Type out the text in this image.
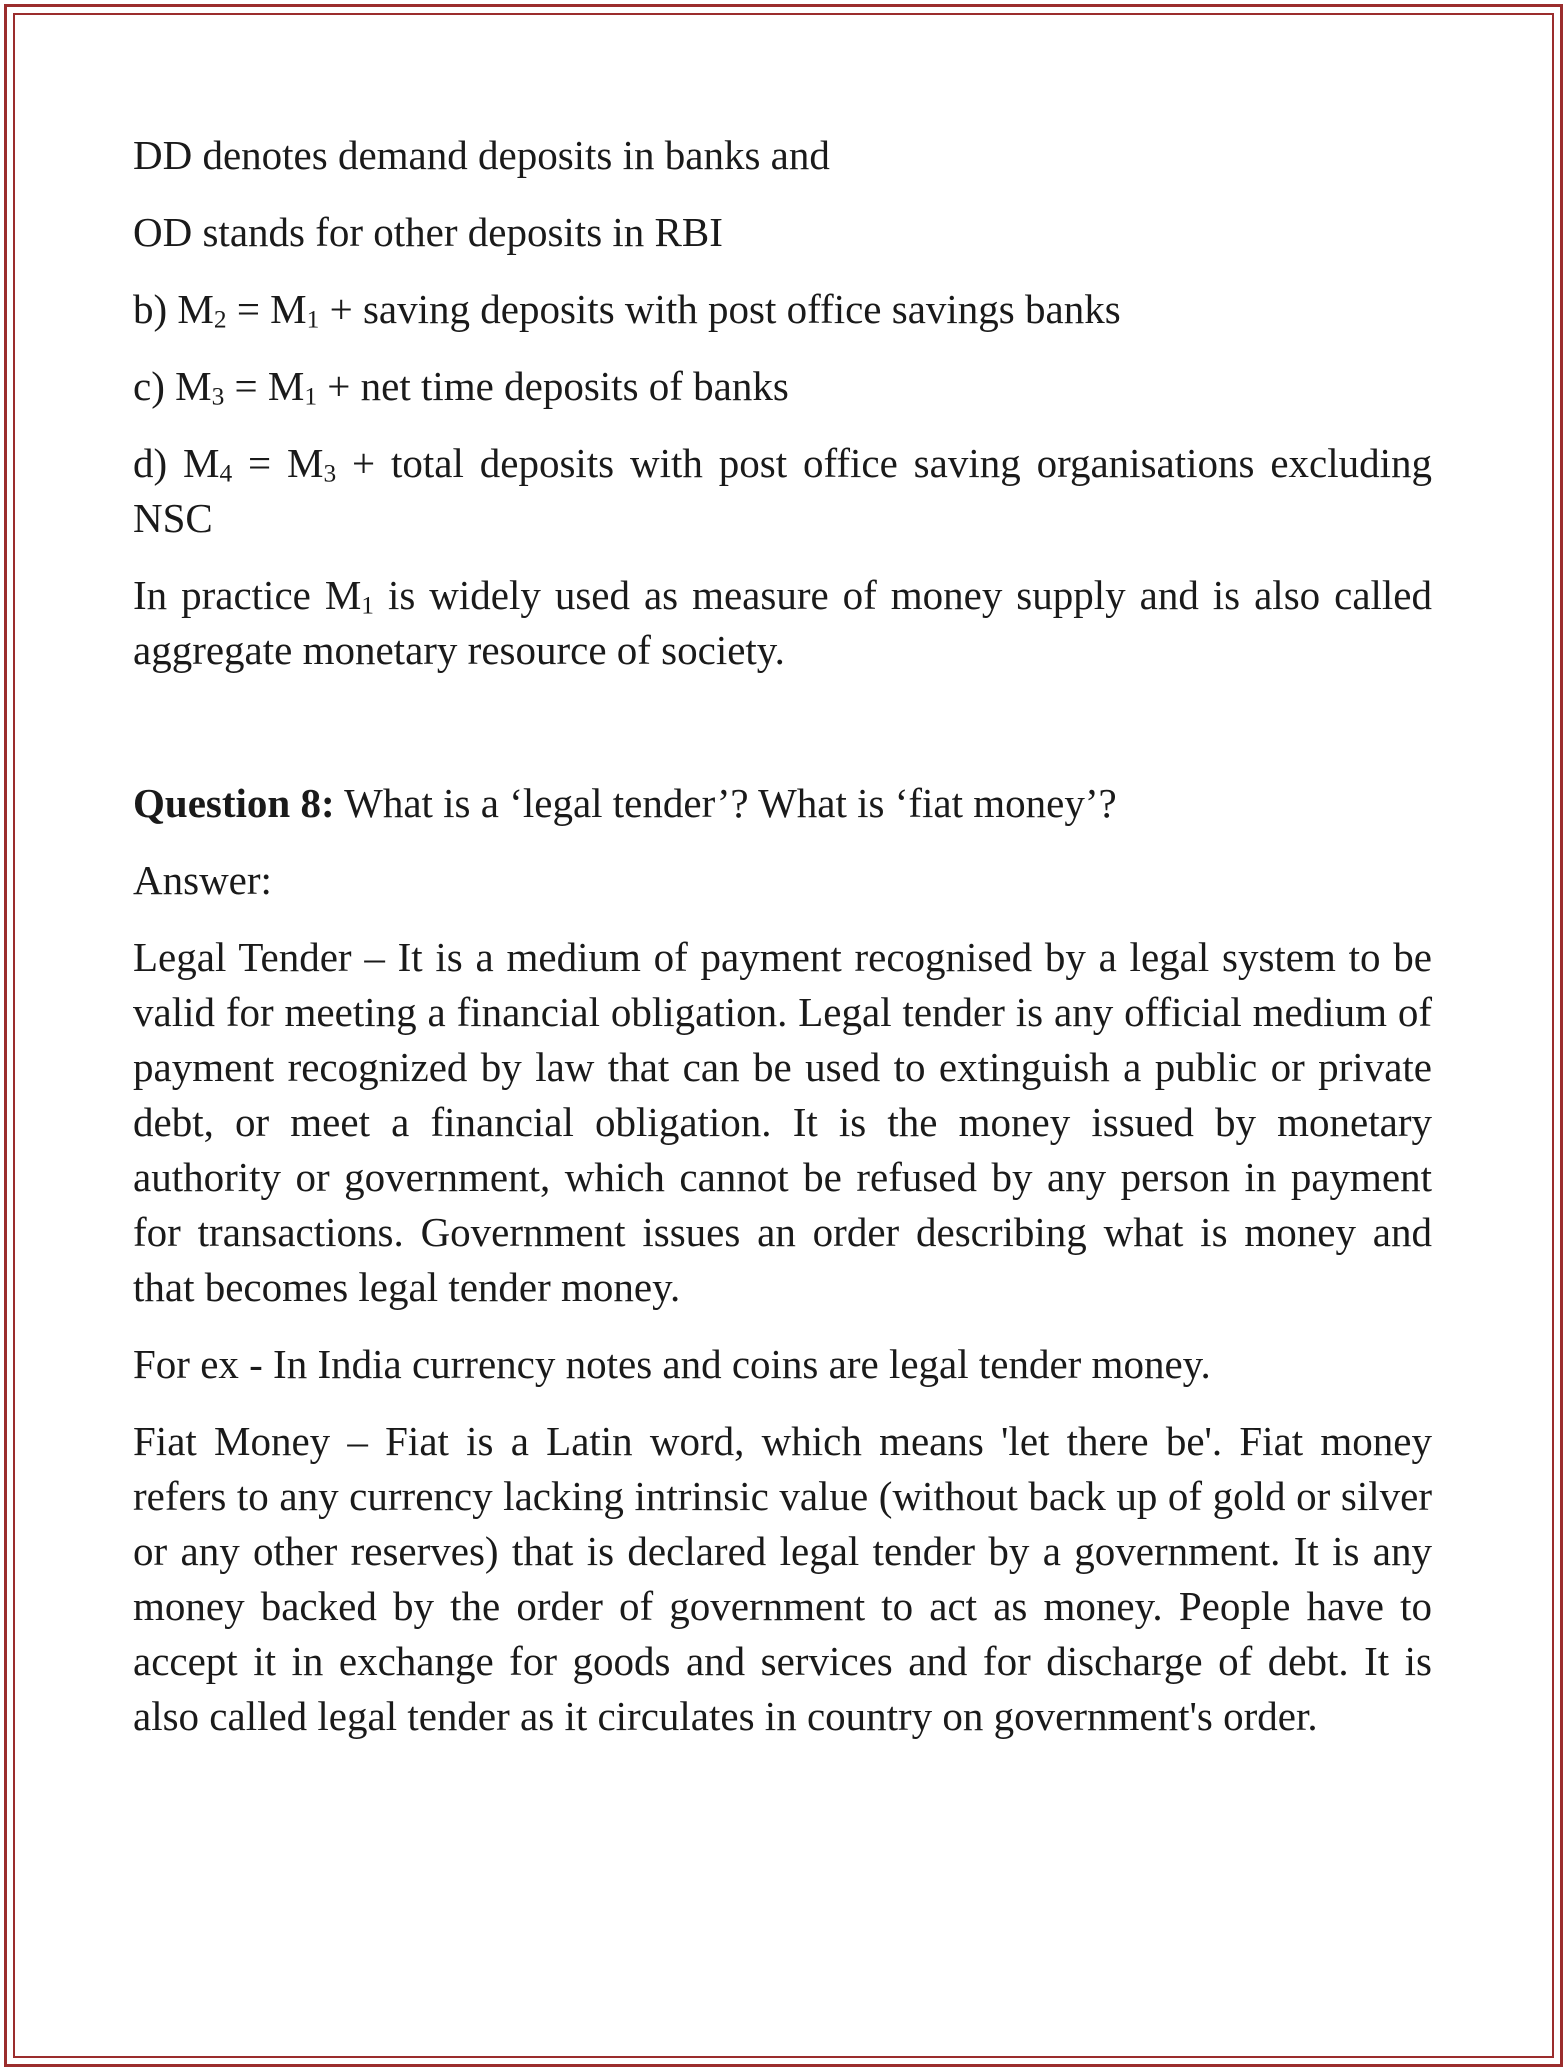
DD denotes demand deposits in banks and

OD stands for other deposits in RBI

b) $M_2 = M_1$ + saving deposits with post office savings banks

c) $M_3 = M_1$ + net time deposits of banks

d) $M_4 = M_3$ + total deposits with post office saving organisations excluding NSC

In practice $M_1$ is widely used as measure of money supply and is also called aggregate monetary resource of society.

Question 8: What is a ‘legal tender’? What is ‘fiat money’?

Answer:

Legal Tender – It is a medium of payment recognised by a legal system to be valid for meeting a financial obligation. Legal tender is any official medium of payment recognized by law that can be used to extinguish a public or private debt, or meet a financial obligation. It is the money issued by monetary authority or government, which cannot be refused by any person in payment for transactions. Government issues an order describing what is money and that becomes legal tender money.

For ex - In India currency notes and coins are legal tender money.

Fiat Money – Fiat is a Latin word, which means 'let there be'. Fiat money refers to any currency lacking intrinsic value (without back up of gold or silver or any other reserves) that is declared legal tender by a government. It is any money backed by the order of government to act as money. People have to accept it in exchange for goods and services and for discharge of debt. It is also called legal tender as it circulates in country on government's order.
